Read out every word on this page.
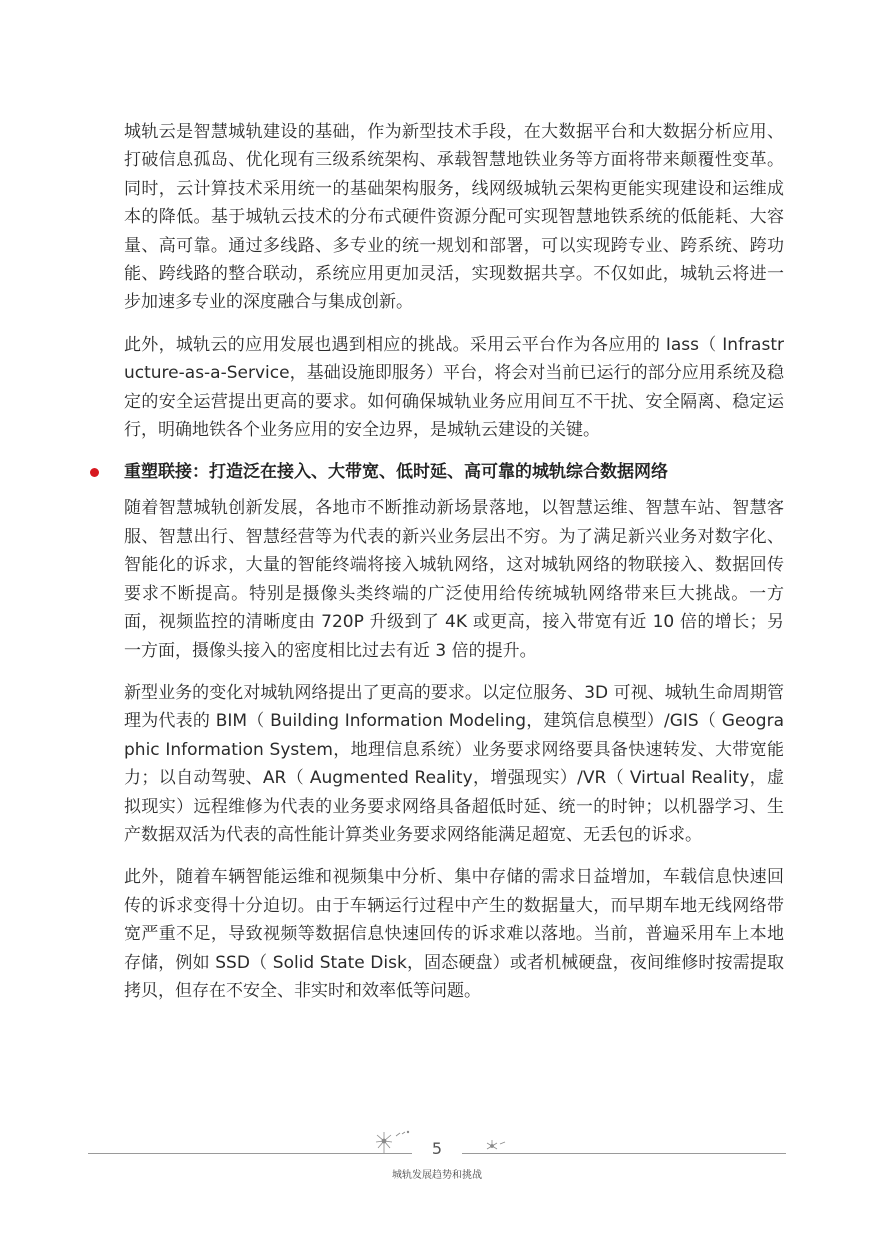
城轨云是智慧城轨建设的基础，作为新型技术手段，在大数据平台和大数据分析应用、打破信息孤岛、优化现有三级系统架构、承载智慧地铁业务等方面将带来颠覆性变革。同时，云计算技术采用统一的基础架构服务，线网级城轨云架构更能实现建设和运维成本的降低。基于城轨云技术的分布式硬件资源分配可实现智慧地铁系统的低能耗、大容量、高可靠。通过多线路、多专业的统一规划和部署，可以实现跨专业、跨系统、跨功能、跨线路的整合联动，系统应用更加灵活，实现数据共享。不仅如此，城轨云将进一步加速多专业的深度融合与集成创新。

此外，城轨云的应用发展也遇到相应的挑战。采用云平台作为各应用的 Iass（ Infrastructure-as-a-Service，基础设施即服务）平台，将会对当前已运行的部分应用系统及稳定的安全运营提出更高的要求。如何确保城轨业务应用间互不干扰、安全隔离、稳定运行，明确地铁各个业务应用的安全边界，是城轨云建设的关键。

重塑联接：打造泛在接入、大带宽、低时延、高可靠的城轨综合数据网络

随着智慧城轨创新发展，各地市不断推动新场景落地，以智慧运维、智慧车站、智慧客服、智慧出行、智慧经营等为代表的新兴业务层出不穷。为了满足新兴业务对数字化、智能化的诉求，大量的智能终端将接入城轨网络，这对城轨网络的物联接入、数据回传要求不断提高。特别是摄像头类终端的广泛使用给传统城轨网络带来巨大挑战。一方面，视频监控的清晰度由 720P 升级到了 4K 或更高，接入带宽有近 10 倍的增长；另一方面，摄像头接入的密度相比过去有近 3 倍的提升。

新型业务的变化对城轨网络提出了更高的要求。以定位服务、3D 可视、城轨生命周期管理为代表的 BIM（ Building Information Modeling，建筑信息模型）/GIS（ Geographic Information System，地理信息系统）业务要求网络要具备快速转发、大带宽能力；以自动驾驶、AR（ Augmented Reality，增强现实）/VR（ Virtual Reality，虚拟现实）远程维修为代表的业务要求网络具备超低时延、统一的时钟；以机器学习、生产数据双活为代表的高性能计算类业务要求网络能满足超宽、无丢包的诉求。

此外，随着车辆智能运维和视频集中分析、集中存储的需求日益增加，车载信息快速回传的诉求变得十分迫切。由于车辆运行过程中产生的数据量大，而早期车地无线网络带宽严重不足，导致视频等数据信息快速回传的诉求难以落地。当前，普遍采用车上本地存储，例如 SSD（ Solid State Disk，固态硬盘）或者机械硬盘，夜间维修时按需提取拷贝，但存在不安全、非实时和效率低等问题。

5
城轨发展趋势和挑战
